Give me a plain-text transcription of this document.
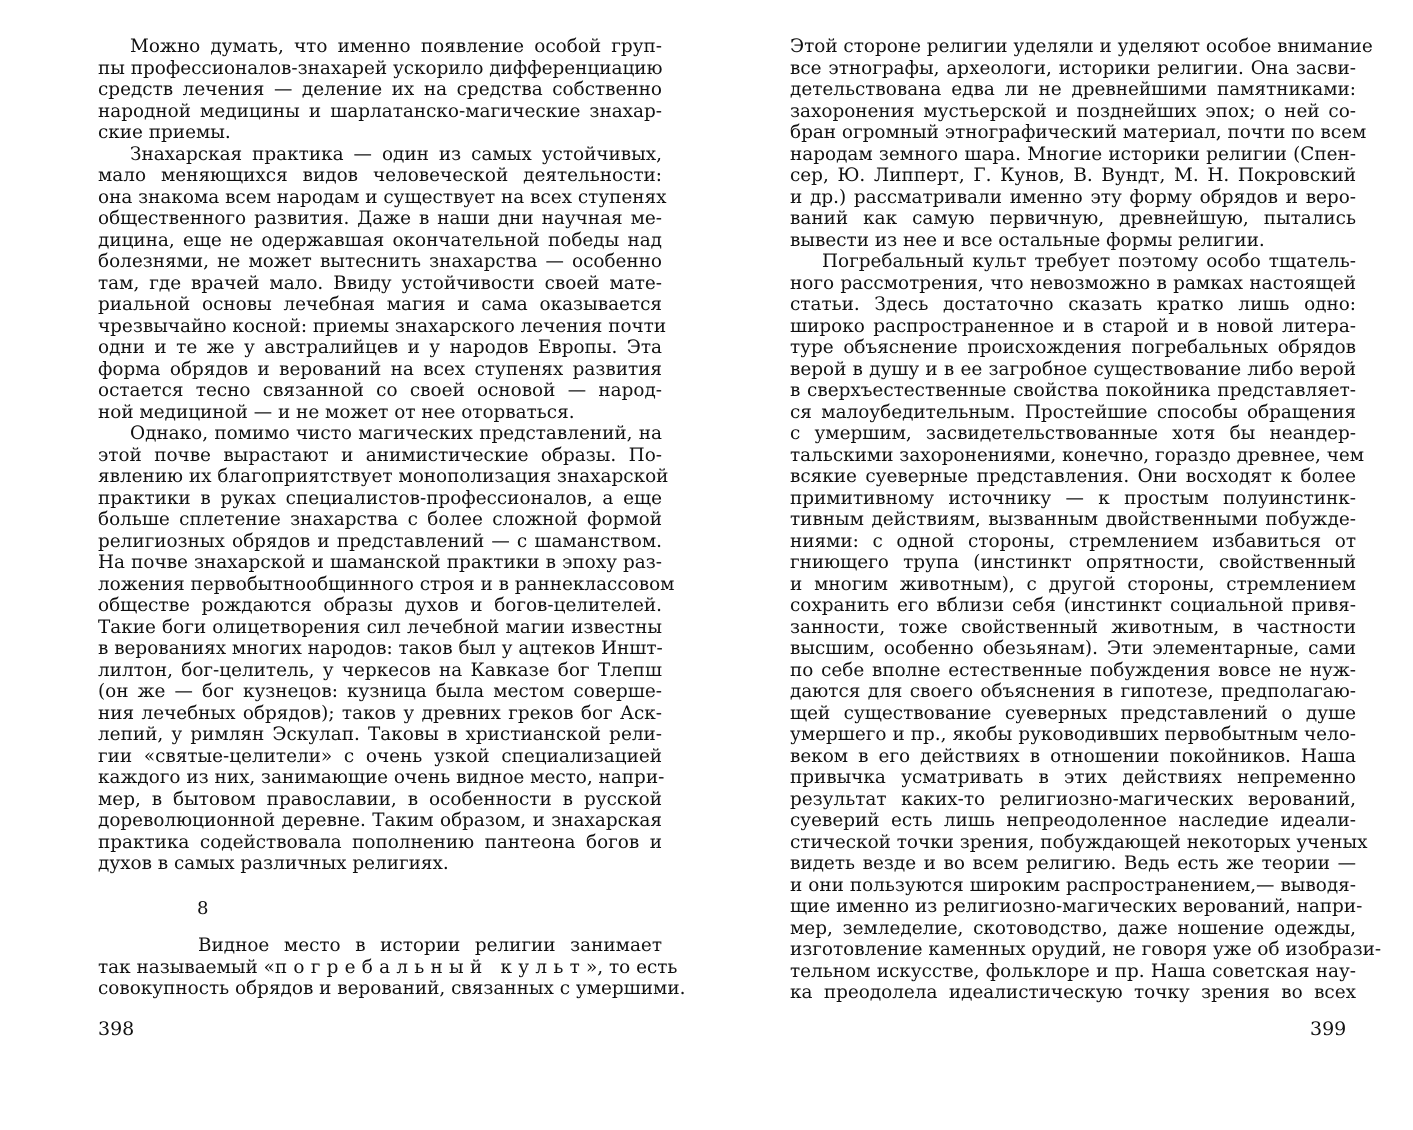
Можно думать, что именно появление особой груп-
пы профессионалов-знахарей ускорило дифференциацию
средств лечения — деление их на средства собственно
народной медицины и шарлатанско-магические знахар-
ские приемы.
Знахарская практика — один из самых устойчивых,
мало меняющихся видов человеческой деятельности:
она знакома всем народам и существует на всех ступенях
общественного развития. Даже в наши дни научная ме-
дицина, еще не одержавшая окончательной победы над
болезнями, не может вытеснить знахарства — особенно
там, где врачей мало. Ввиду устойчивости своей мате-
риальной основы лечебная магия и сама оказывается
чрезвычайно косной: приемы знахарского лечения почти
одни и те же у австралийцев и у народов Европы. Эта
форма обрядов и верований на всех ступенях развития
остается тесно связанной со своей основой — народ-
ной медициной — и не может от нее оторваться.
Однако, помимо чисто магических представлений, на
этой почве вырастают и анимистические образы. По-
явлению их благоприятствует монополизация знахарской
практики в руках специалистов-профессионалов, а еще
больше сплетение знахарства с более сложной формой
религиозных обрядов и представлений — с шаманством.
На почве знахарской и шаманской практики в эпоху раз-
ложения первобытнообщинного строя и в раннеклассовом
обществе рождаются образы духов и богов-целителей.
Такие боги олицетворения сил лечебной магии известны
в верованиях многих народов: таков был у ацтеков Иншт-
лилтон, бог-целитель, у черкесов на Кавказе бог Тлепш
(он же — бог кузнецов: кузница была местом соверше-
ния лечебных обрядов); таков у древних греков бог Аск-
лепий, у римлян Эскулап. Таковы в христианской рели-
гии «святые-целители» с очень узкой специализацией
каждого из них, занимающие очень видное место, напри-
мер, в бытовом православии, в особенности в русской
дореволюционной деревне. Таким образом, и знахарская
практика содействовала пополнению пантеона богов и
духов в самых различных религиях.
8
Видное место в истории религии занимает
так называемый «погребальный культ», то есть
совокупность обрядов и верований, связанных с умершими.
398
Этой стороне религии уделяли и уделяют особое внимание
все этнографы, археологи, историки религии. Она засви-
детельствована едва ли не древнейшими памятниками:
захоронения мустьерской и позднейших эпох; о ней со-
бран огромный этнографический материал, почти по всем
народам земного шара. Многие историки религии (Спен-
сер, Ю. Липперт, Г. Кунов, В. Вундт, М. Н. Покровский
и др.) рассматривали именно эту форму обрядов и веро-
ваний как самую первичную, древнейшую, пытались
вывести из нее и все остальные формы религии.
Погребальный культ требует поэтому особо тщатель-
ного рассмотрения, что невозможно в рамках настоящей
статьи. Здесь достаточно сказать кратко лишь одно:
широко распространенное и в старой и в новой литера-
туре объяснение происхождения погребальных обрядов
верой в душу и в ее загробное существование либо верой
в сверхъестественные свойства покойника представляет-
ся малоубедительным. Простейшие способы обращения
с умершим, засвидетельствованные хотя бы неандер-
тальскими захоронениями, конечно, гораздо древнее, чем
всякие суеверные представления. Они восходят к более
примитивному источнику — к простым полуинстинк-
тивным действиям, вызванным двойственными побужде-
ниями: с одной стороны, стремлением избавиться от
гниющего трупа (инстинкт опрятности, свойственный
и многим животным), с другой стороны, стремлением
сохранить его вблизи себя (инстинкт социальной привя-
занности, тоже свойственный животным, в частности
высшим, особенно обезьянам). Эти элементарные, сами
по себе вполне естественные побуждения вовсе не нуж-
даются для своего объяснения в гипотезе, предполагаю-
щей существование суеверных представлений о душе
умершего и пр., якобы руководивших первобытным чело-
веком в его действиях в отношении покойников. Наша
привычка усматривать в этих действиях непременно
результат каких-то религиозно-магических верований,
суеверий есть лишь непреодоленное наследие идеали-
стической точки зрения, побуждающей некоторых ученых
видеть везде и во всем религию. Ведь есть же теории —
и они пользуются широким распространением,— выводя-
щие именно из религиозно-магических верований, напри-
мер, земледелие, скотоводство, даже ношение одежды,
изготовление каменных орудий, не говоря уже об изобрази-
тельном искусстве, фольклоре и пр. Наша советская нау-
ка преодолела идеалистическую точку зрения во всех
399
